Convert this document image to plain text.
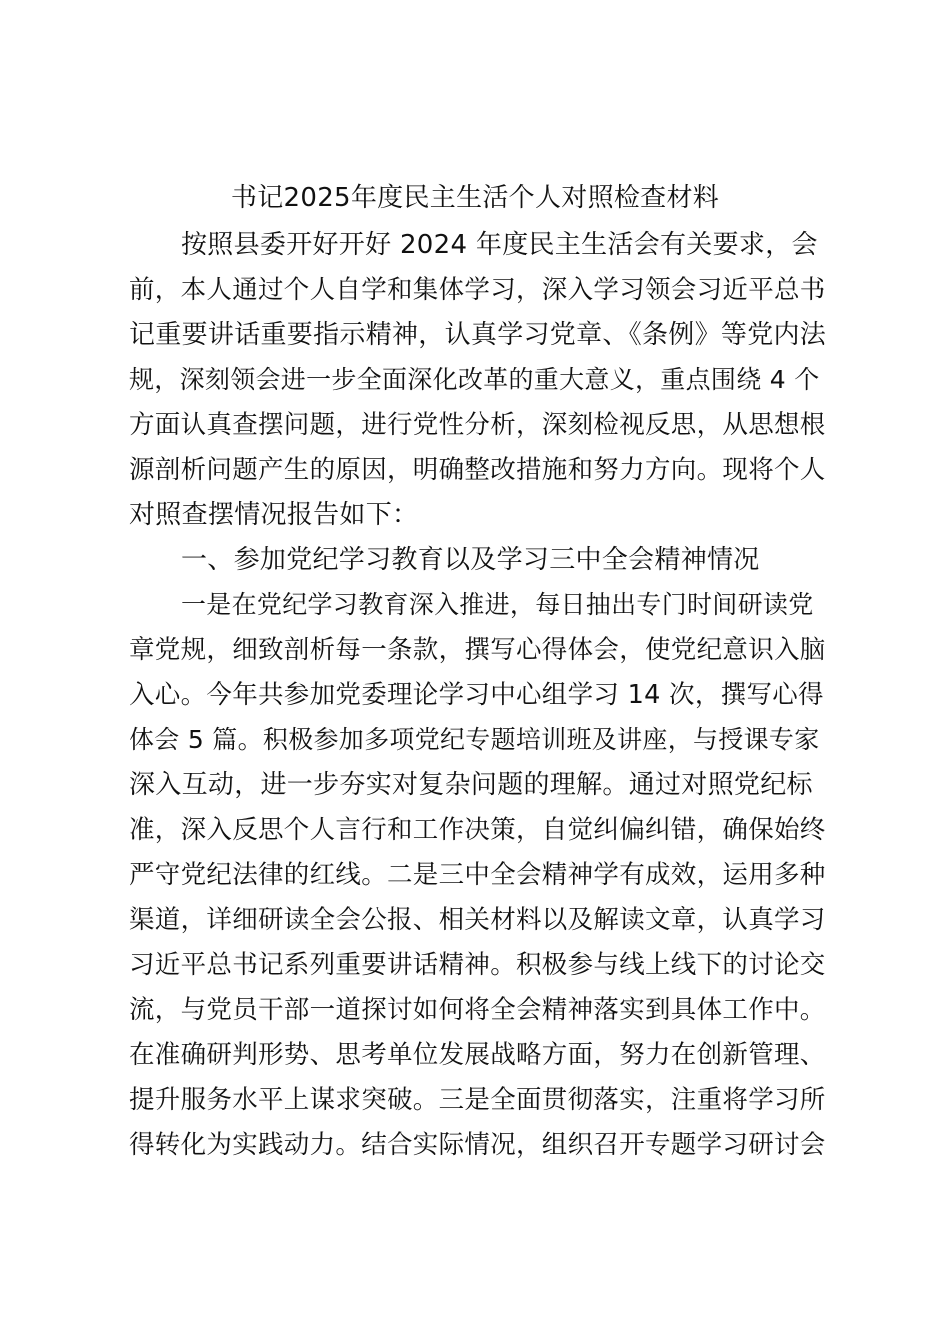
书记2025年度民主生活个人对照检查材料
按照县委开好开好 2024 年度民主生活会有关要求，会
前，本人通过个人自学和集体学习，深入学习领会习近平总书
记重要讲话重要指示精神，认真学习党章、《条例》等党内法
规，深刻领会进一步全面深化改革的重大意义，重点围绕 4 个
方面认真查摆问题，进行党性分析，深刻检视反思，从思想根
源剖析问题产生的原因，明确整改措施和努力方向。现将个人
对照查摆情况报告如下：
一、参加党纪学习教育以及学习三中全会精神情况
一是在党纪学习教育深入推进，每日抽出专门时间研读党
章党规，细致剖析每一条款，撰写心得体会，使党纪意识入脑
入心。今年共参加党委理论学习中心组学习 14 次，撰写心得
体会 5 篇。积极参加多项党纪专题培训班及讲座，与授课专家
深入互动，进一步夯实对复杂问题的理解。通过对照党纪标
准，深入反思个人言行和工作决策，自觉纠偏纠错，确保始终
严守党纪法律的红线。二是三中全会精神学有成效，运用多种
渠道，详细研读全会公报、相关材料以及解读文章，认真学习
习近平总书记系列重要讲话精神。积极参与线上线下的讨论交
流，与党员干部一道探讨如何将全会精神落实到具体工作中。
在准确研判形势、思考单位发展战略方面，努力在创新管理、
提升服务水平上谋求突破。三是全面贯彻落实，注重将学习所
得转化为实践动力。结合实际情况，组织召开专题学习研讨会
